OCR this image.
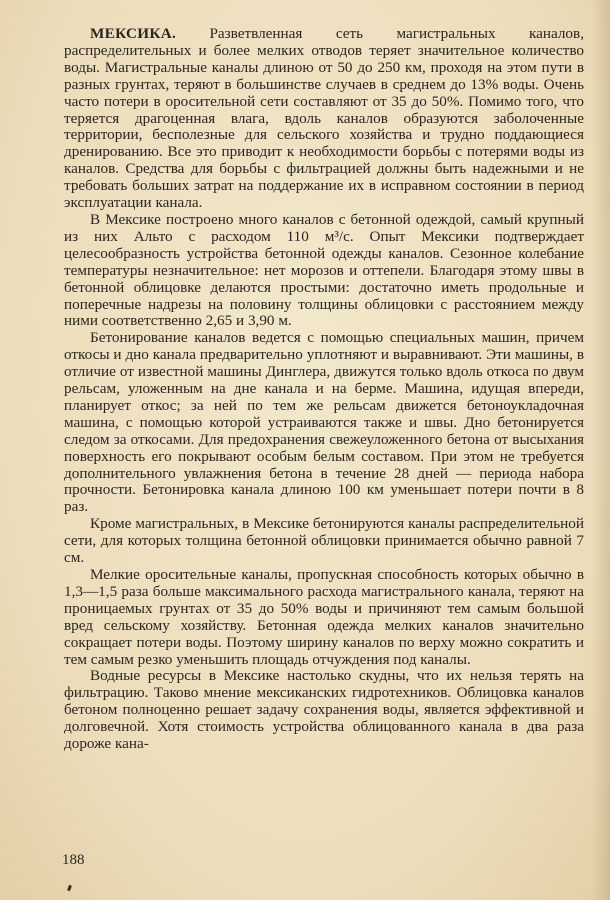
МЕКСИКА. Разветвленная сеть магистральных каналов, распределительных и более мелких отводов теряет значительное количество воды. Магистральные каналы длиною от 50 до 250 км, проходя на этом пути в разных грунтах, теряют в большинстве случаев в среднем до 13% воды. Очень часто потери в оросительной сети составляют от 35 до 50%. Помимо того, что теряется драгоценная влага, вдоль каналов образуются заболоченные территории, бесполезные для сельского хозяйства и трудно поддающиеся дренированию. Все это приводит к необходимости борьбы с потерями воды из каналов. Средства для борьбы с фильтрацией должны быть надежными и не требовать больших затрат на поддержание их в исправном состоянии в период эксплуатации канала.

В Мексике построено много каналов с бетонной одеждой, самый крупный из них Альто с расходом 110 м³/с. Опыт Мексики подтверждает целесообразность устройства бетонной одежды каналов. Сезонное колебание температуры незначительное: нет морозов и оттепели. Благодаря этому швы в бетонной облицовке делаются простыми: достаточно иметь продольные и поперечные надрезы на половину толщины облицовки с расстоянием между ними соответственно 2,65 и 3,90 м.

Бетонирование каналов ведется с помощью специальных машин, причем откосы и дно канала предварительно уплотняют и выравнивают. Эти машины, в отличие от известной машины Динглера, движутся только вдоль откоса по двум рельсам, уложенным на дне канала и на берме. Машина, идущая впереди, планирует откос; за ней по тем же рельсам движется бетоноукладочная машина, с помощью которой устраиваются также и швы. Дно бетонируется следом за откосами. Для предохранения свежеуложенного бетона от высыхания поверхность его покрывают особым белым составом. При этом не требуется дополнительного увлажнения бетона в течение 28 дней — периода набора прочности. Бетонировка канала длиною 100 км уменьшает потери почти в 8 раз.

Кроме магистральных, в Мексике бетонируются каналы распределительной сети, для которых толщина бетонной облицовки принимается обычно равной 7 см.

Мелкие оросительные каналы, пропускная способность которых обычно в 1,3—1,5 раза больше максимального расхода магистрального канала, теряют на проницаемых грунтах от 35 до 50% воды и причиняют тем самым большой вред сельскому хозяйству. Бетонная одежда мелких каналов значительно сокращает потери воды. Поэтому ширину каналов по верху можно сократить и тем самым резко уменьшить площадь отчуждения под каналы.

Водные ресурсы в Мексике настолько скудны, что их нельзя терять на фильтрацию. Таково мнение мексиканских гидротехников. Облицовка каналов бетоном полноценно решает задачу сохранения воды, является эффективной и долговечной. Хотя стоимость устройства облицованного канала в два раза дороже кана-

188
